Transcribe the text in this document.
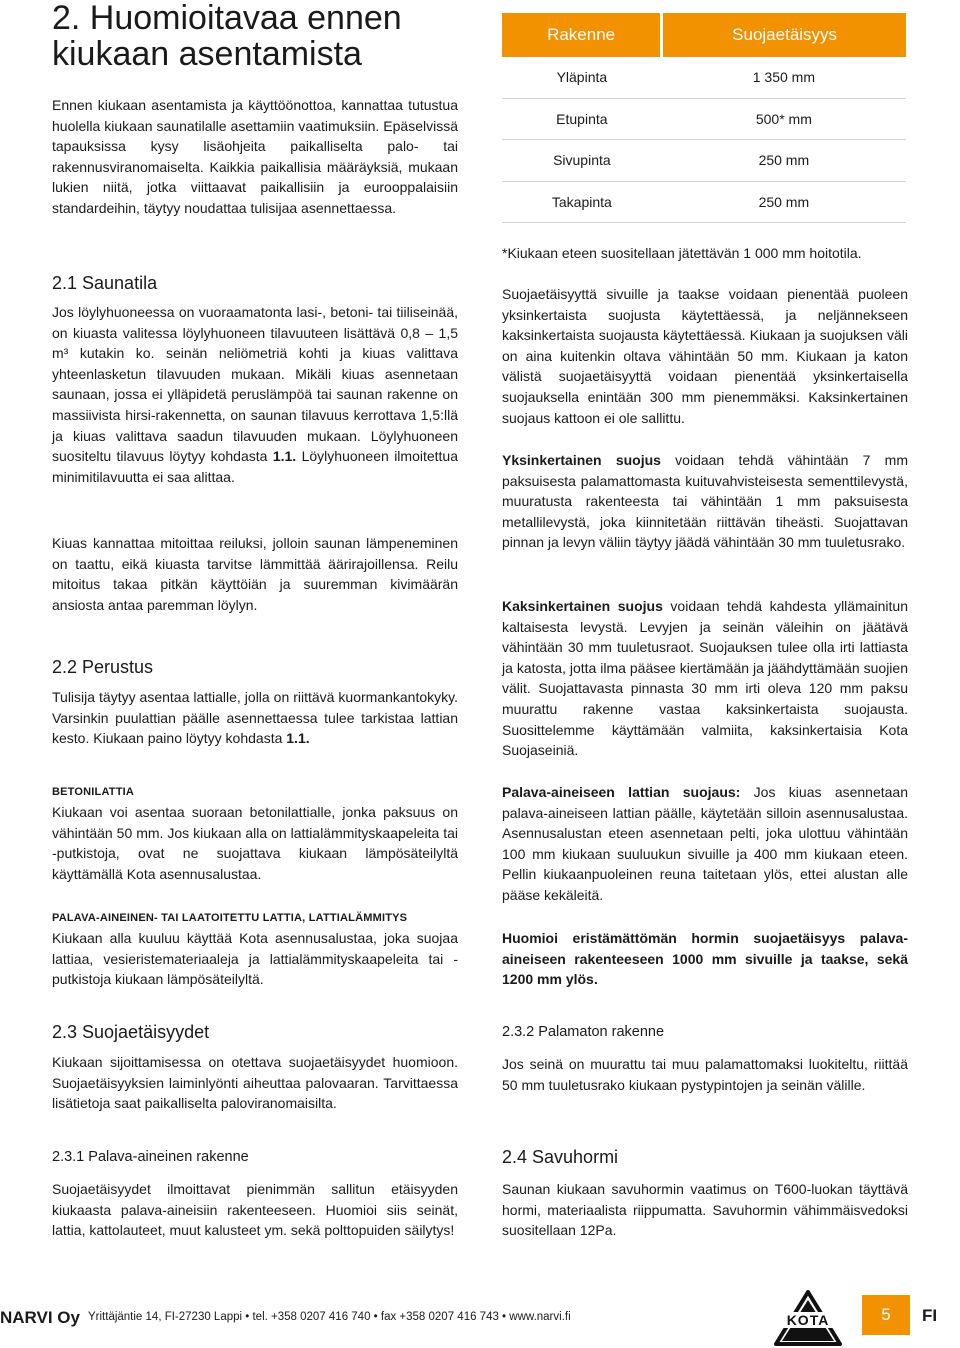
2. Huomioitavaa ennen kiukaan asentamista

Ennen kiukaan asentamista ja käyttöönottoa, kannattaa tutustua huolella kiukaan saunatilalle asettamiin vaatimuksiin. Epäselvissä tapauksissa kysy lisäohjeita paikalliselta palo- tai rakennusviranomaiselta. Kaikkia paikallisia määräyksiä, mukaan lukien niitä, jotka viittaavat paikallisiin ja eurooppalaisiin standardeihin, täytyy noudattaa tulisijaa asennettaessa.

2.1 Saunatila

Jos löylyhuoneessa on vuoraamatonta lasi-, betoni- tai tiiliseinää, on kiuasta valitessa löylyhuoneen tilavuuteen lisättävä 0,8 – 1,5 m³ kutakin ko. seinän neliömetriä kohti ja kiuas valittava yhteenlasketun tilavuuden mukaan. Mikäli kiuas asennetaan saunaan, jossa ei ylläpidetä peruslämpöä tai saunan rakenne on massiivista hirsi-rakennetta, on saunan tilavuus kerrottava 1,5:llä ja kiuas valittava saadun tilavuuden mukaan. Löylyhuoneen suositeltu tilavuus löytyy kohdasta 1.1. Löylyhuoneen ilmoitettua minimitilavuutta ei saa alittaa.

Kiuas kannattaa mitoittaa reiluksi, jolloin saunan lämpeneminen on taattu, eikä kiuasta tarvitse lämmittää äärirajoillensa. Reilu mitoitus takaa pitkän käyttöiän ja suuremman kivimäärän ansiosta antaa paremman löylyn.

2.2 Perustus

Tulisija täytyy asentaa lattialle, jolla on riittävä kuormankantokyky. Varsinkin puulattian päälle asennettaessa tulee tarkistaa lattian kesto. Kiukaan paino löytyy kohdasta 1.1.

BETONILATTIA

Kiukaan voi asentaa suoraan betonilattialle, jonka paksuus on vähintään 50 mm. Jos kiukaan alla on lattialämmityskaapeleita tai -putkistoja, ovat ne suojattava kiukaan lämpösäteilyltä käyttämällä Kota asennusalustaa.

PALAVA-AINEINEN- TAI LAATOITETTU LATTIA, LATTIALÄMMITYS

Kiukaan alla kuuluu käyttää Kota asennusalustaa, joka suojaa lattiaa, vesieristemateriaaleja ja lattialämmityskaapeleita tai -putkistoja kiukaan lämpösäteilyltä.

2.3 Suojaetäisyydet

Kiukaan sijoittamisessa on otettava suojaetäisyydet huomioon. Suojaetäisyyksien laiminlyönti aiheuttaa palovaaran. Tarvittaessa lisätietoja saat paikalliselta paloviranomaisilta.

2.3.1 Palava-aineinen rakenne

Suojaetäisyydet ilmoittavat pienimmän sallitun etäisyyden kiukaasta palava-aineisiin rakenteeseen. Huomioi siis seinät, lattia, kattolauteet, muut kalusteet ym. sekä polttopuiden säilytys!

Rakenne	Suojaetäisyys
Yläpinta	1 350 mm
Etupinta	500* mm
Sivupinta	250 mm
Takapinta	250 mm

*Kiukaan eteen suositellaan jätettävän 1 000 mm hoitotila.

Suojaetäisyyttä sivuille ja taakse voidaan pienentää puoleen yksinkertaista suojusta käytettäessä, ja neljännekseen kaksinkertaista suojausta käytettäessä. Kiukaan ja suojuksen väli on aina kuitenkin oltava vähintään 50 mm. Kiukaan ja katon välistä suojaetäisyyttä voidaan pienentää yksinkertaisella suojauksella enintään 300 mm pienemmäksi. Kaksinkertainen suojaus kattoon ei ole sallittu.

Yksinkertainen suojus voidaan tehdä vähintään 7 mm paksuisesta palamattomasta kuituvahvisteisesta sementtilevystä, muuratusta rakenteesta tai vähintään 1 mm paksuisesta metallilevystä, joka kiinnitetään riittävän tiheästi. Suojattavan pinnan ja levyn väliin täytyy jäädä vähintään 30 mm tuuletusrako.

Kaksinkertainen suojus voidaan tehdä kahdesta yllämainitun kaltaisesta levystä. Levyjen ja seinän väleihin on jäätävä vähintään 30 mm tuuletusraot. Suojauksen tulee olla irti lattiasta ja katosta, jotta ilma pääsee kiertämään ja jäähdyttämään suojien välit. Suojattavasta pinnasta 30 mm irti oleva 120 mm paksu muurattu rakenne vastaa kaksinkertaista suojausta. Suosittelemme käyttämään valmiita, kaksinkertaisia Kota Suojaseiniä.

Palava-aineiseen lattian suojaus: Jos kiuas asennetaan palava-aineiseen lattian päälle, käytetään silloin asennusalustaa. Asennusalustan eteen asennetaan pelti, joka ulottuu vähintään 100 mm kiukaan suuluukun sivuille ja 400 mm kiukaan eteen. Pellin kiukaanpuoleinen reuna taitetaan ylös, ettei alustan alle pääse kekäleitä.

Huomioi eristämättömän hormin suojaetäisyys palava-aineiseen rakenteeseen 1000 mm sivuille ja taakse, sekä 1200 mm ylös.

2.3.2 Palamaton rakenne

Jos seinä on muurattu tai muu palamattomaksi luokiteltu, riittää 50 mm tuuletusrako kiukaan pystypintojen ja seinän välille.

2.4 Savuhormi

Saunan kiukaan savuhormin vaatimus on T600-luokan täyttävä hormi, materiaalista riippumatta. Savuhormin vähimmäisvedoksi suositellaan 12Pa.

NARVI Oy Yrittäjäntie 14, FI-27230 Lappi • tel. +358 0207 416 740 • fax +358 0207 416 743 • www.narvi.fi	KOTA	5	FI
